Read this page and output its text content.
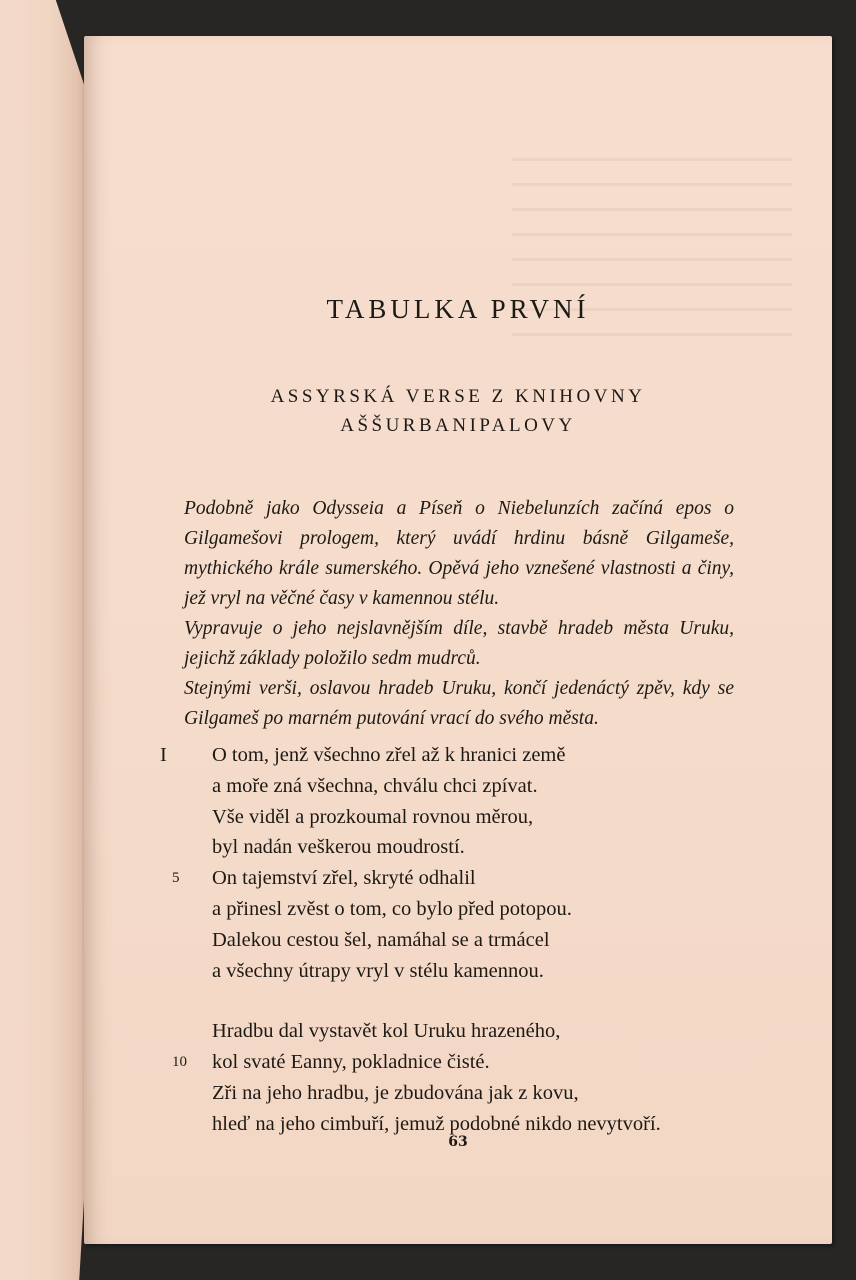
TABULKA PRVNÍ
ASSYRSKÁ VERSE Z KNIHOVNY
AŠŠURBANIPALOVY

Podobně jako Odysseia a Píseň o Niebelunzích začíná epos o Gilgamešovi prologem, který uvádí hrdinu básně Gilgameše, mythického krále sumerského. Opěvá jeho vznešené vlastnosti a činy, jež vryl na věčné časy v kamennou stélu.

Vypravuje o jeho nejslavnějším díle, stavbě hradeb města Uruku, jejichž základy položilo sedm mudrců.

Stejnými verši, oslavou hradeb Uruku, končí jedenáctý zpěv, kdy se Gilgameš po marném putování vrací do svého města.

I	O tom, jenž všechno zřel až k hranici země
a moře zná všechna, chválu chci zpívat.
Vše viděl a prozkoumal rovnou měrou,
byl nadán veškerou moudrostí.
5	On tajemství zřel, skryté odhalil
a přinesl zvěst o tom, co bylo před potopou.
Dalekou cestou šel, namáhal se a trmácel
a všechny útrapy vryl v stélu kamennou.
Hradbu dal vystavět kol Uruku hrazeného,
10	kol svaté Eanny, pokladnice čisté.
Zři na jeho hradbu, je zbudována jak z kovu,
hleď na jeho cimbuří, jemuž podobné nikdo nevytvoří.
63
